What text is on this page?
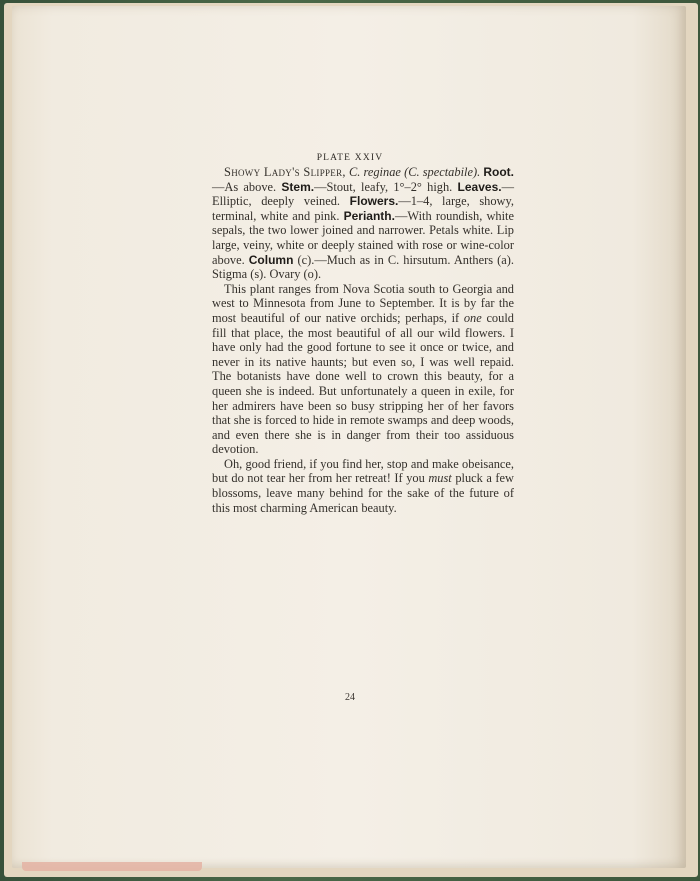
PLATE XXIV

Showy Lady's Slipper, C. reginae (C. spectabile). Root.—As above. Stem.—Stout, leafy, 1°–2° high. Leaves.—Elliptic, deeply veined. Flowers.—1–4, large, showy, terminal, white and pink. Perianth.—With roundish, white sepals, the two lower joined and narrower. Petals white. Lip large, veiny, white or deeply stained with rose or wine-color above. Column (c).—Much as in C. hirsutum. Anthers (a). Stigma (s). Ovary (o).

This plant ranges from Nova Scotia south to Georgia and west to Minnesota from June to September. It is by far the most beautiful of our native orchids; perhaps, if one could fill that place, the most beautiful of all our wild flowers. I have only had the good fortune to see it once or twice, and never in its native haunts; but even so, I was well repaid. The botanists have done well to crown this beauty, for a queen she is indeed. But unfortunately a queen in exile, for her admirers have been so busy stripping her of her favors that she is forced to hide in remote swamps and deep woods, and even there she is in danger from their too assiduous devotion.

Oh, good friend, if you find her, stop and make obeisance, but do not tear her from her retreat! If you must pluck a few blossoms, leave many behind for the sake of the future of this most charming American beauty.

24
